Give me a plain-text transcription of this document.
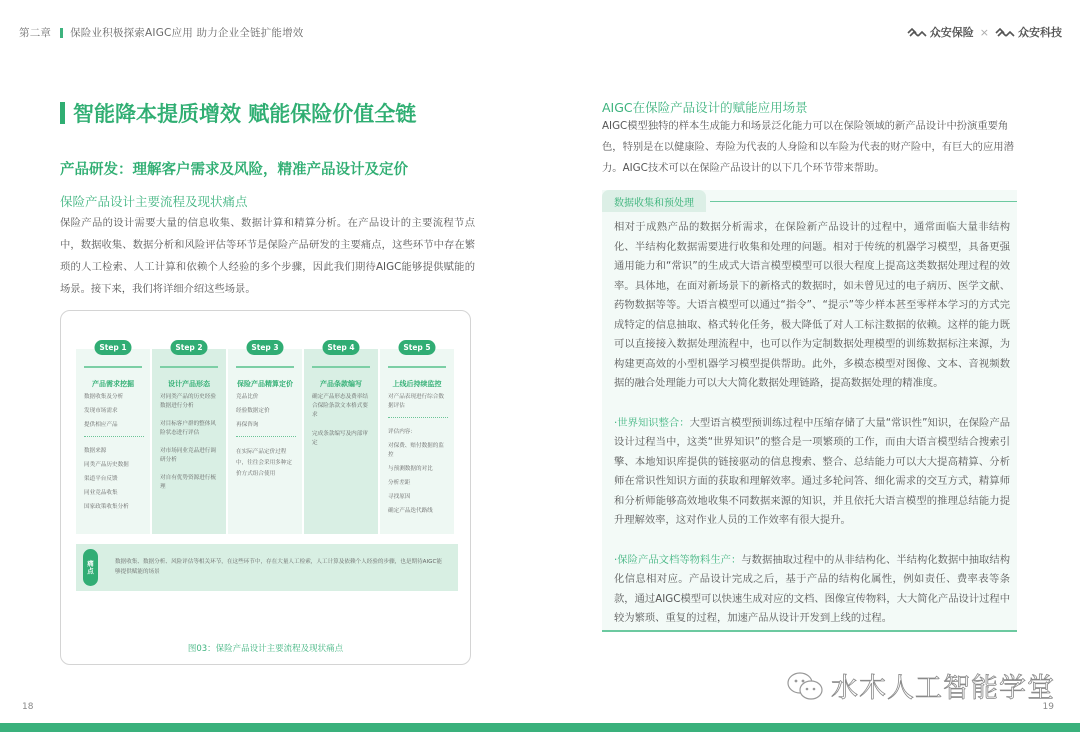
第二章 保险业积极探索AIGC应用 助力企业全链扩能增效	众安保险 ×	众安科技
智能降本提质增效 赋能保险价值全链
产品研发：理解客户需求及风险，精准产品设计及定价
保险产品设计主要流程及现状痛点
保险产品的设计需要大量的信息收集、数据计算和精算分析。在产品设计的主要流程节点中，数据收集、数据分析和风险评估等环节是保险产品研发的主要痛点，这些环节中存在繁琐的人工检索、人工计算和依赖个人经验的多个步骤，因此我们期待AIGC能够提供赋能的场景。接下来，我们将详细介绍这些场景。
Step 1
产品需求挖掘
数据收集及分析
发现市场需求
提供相应产品
数据来源
同类产品历史数据
渠道平台反馈
同业竞品收集
国家政策收集分析
Step 2
设计产品形态
对同类产品的历史经验数据进行分析
对目标客户群的整体风险状态进行评估
对市场同业竞品进行调研分析
对自有优势资源进行梳理
Step 3
保险产品精算定价
竞品比价
经验数据定价
再保咨询
在实际产品定价过程中，往往会采用多种定价方式组合使用
Step 4
产品条款编写
确定产品形态及费率结合保险条款文本格式要求
完成条款编写及内部审定
Step 5
上线后持续监控
对产品表现进行综合数据评估
评估内容：
对保费、赔付数据的监控
与预测数据的对比
分析差距
寻找原因
确定产品迭代路线
痛点	数据收集、数据分析、风险评估等相关环节，在这些环节中，存在大量人工检索，人工计算及依赖个人经验的步骤，也是期待AIGC能够提供赋能的场景
图03：保险产品设计主要流程及现状痛点
AIGC在保险产品设计的赋能应用场景
AIGC模型独特的样本生成能力和场景泛化能力可以在保险领域的新产品设计中扮演重要角色，特别是在以健康险、寿险为代表的人身险和以车险为代表的财产险中，有巨大的应用潜力。AIGC技术可以在保险产品设计的以下几个环节带来帮助。
数据收集和预处理

相对于成熟产品的数据分析需求，在保险新产品设计的过程中，通常面临大量非结构化、半结构化数据需要进行收集和处理的问题。相对于传统的机器学习模型，具备更强通用能力和“常识”的生成式大语言模型模型可以很大程度上提高这类数据处理过程的效率。具体地，在面对新场景下的新格式的数据时，如未曾见过的电子病历、医学文献、药物数据等等。大语言模型可以通过“指令”、“提示”等少样本甚至零样本学习的方式完成特定的信息抽取、格式转化任务，极大降低了对人工标注数据的依赖。这样的能力既可以直接接入数据处理流程中，也可以作为定制数据处理模型的训练数据标注来源，为构建更高效的小型机器学习模型提供帮助。此外，多模态模型对图像、文本、音视频数据的融合处理能力可以大大简化数据处理链路，提高数据处理的精准度。

·世界知识整合：大型语言模型预训练过程中压缩存储了大量“常识性”知识，在保险产品设计过程当中，这类“世界知识”的整合是一项繁琐的工作，而由大语言模型结合搜索引擎、本地知识库提供的链接驱动的信息搜索、整合、总结能力可以大大提高精算、分析师在常识性知识方面的获取和理解效率。通过多轮问答、细化需求的交互方式，精算师和分析师能够高效地收集不同数据来源的知识，并且依托大语言模型的推理总结能力提升理解效率，这对作业人员的工作效率有很大提升。

·保险产品文档等物料生产：与数据抽取过程中的从非结构化、半结构化数据中抽取结构化信息相对应。产品设计完成之后，基于产品的结构化属性，例如责任、费率表等条款，通过AIGC模型可以快速生成对应的文档、图像宣传物料，大大简化产品设计过程中较为繁琐、重复的过程，加速产品从设计开发到上线的过程。

水木人工智能学堂
18	19
